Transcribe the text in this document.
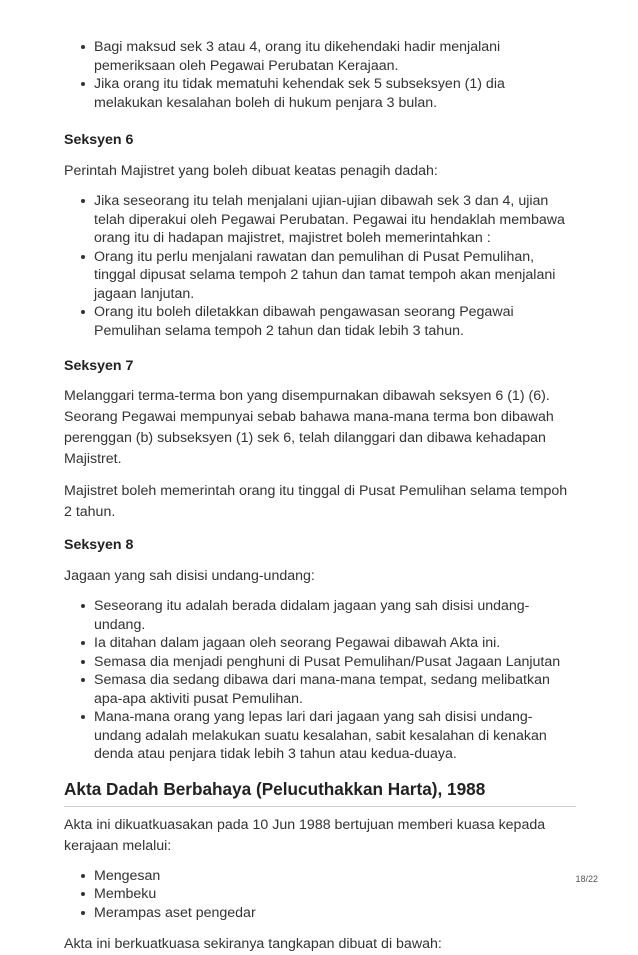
Bagi maksud sek 3 atau 4, orang itu dikehendaki hadir menjalani pemeriksaan oleh Pegawai Perubatan Kerajaan.
Jika orang itu tidak mematuhi kehendak sek 5 subseksyen (1) dia melakukan kesalahan boleh di hukum penjara 3 bulan.
Seksyen 6

Perintah Majistret yang boleh dibuat keatas penagih dadah:

Jika seseorang itu telah menjalani ujian-ujian dibawah sek 3 dan 4, ujian telah diperakui oleh Pegawai Perubatan. Pegawai itu hendaklah membawa orang itu di hadapan majistret, majistret boleh memerintahkan :
Orang itu perlu menjalani rawatan dan pemulihan di Pusat Pemulihan, tinggal dipusat selama tempoh 2 tahun dan tamat tempoh akan menjalani jagaan lanjutan.
Orang itu boleh diletakkan dibawah pengawasan seorang Pegawai Pemulihan selama tempoh 2 tahun dan tidak lebih 3 tahun.
Seksyen 7

Melanggari terma-terma bon yang disempurnakan dibawah seksyen 6 (1) (6). Seorang Pegawai mempunyai sebab bahawa mana-mana terma bon dibawah perenggan (b) subseksyen (1) sek 6, telah dilanggari dan dibawa kehadapan Majistret.

Majistret boleh memerintah orang itu tinggal di Pusat Pemulihan selama tempoh 2 tahun.

Seksyen 8

Jagaan yang sah disisi undang-undang:

Seseorang itu adalah berada didalam jagaan yang sah disisi undang-undang.
Ia ditahan dalam jagaan oleh seorang Pegawai dibawah Akta ini.
Semasa dia menjadi penghuni di Pusat Pemulihan/Pusat Jagaan Lanjutan
Semasa dia sedang dibawa dari mana-mana tempat, sedang melibatkan apa-apa aktiviti pusat Pemulihan.
Mana-mana orang yang lepas lari dari jagaan yang sah disisi undang-undang adalah melakukan suatu kesalahan, sabit kesalahan di kenakan denda atau penjara tidak lebih 3 tahun atau kedua-duaya.
Akta Dadah Berbahaya (Pelucuthakkan Harta), 1988

Akta ini dikuatkuasakan pada 10 Jun 1988 bertujuan memberi kuasa kepada kerajaan melalui:

Mengesan
Membeku
Merampas aset pengedar

Akta ini berkuatkuasa sekiranya tangkapan dibuat di bawah:

18/22
